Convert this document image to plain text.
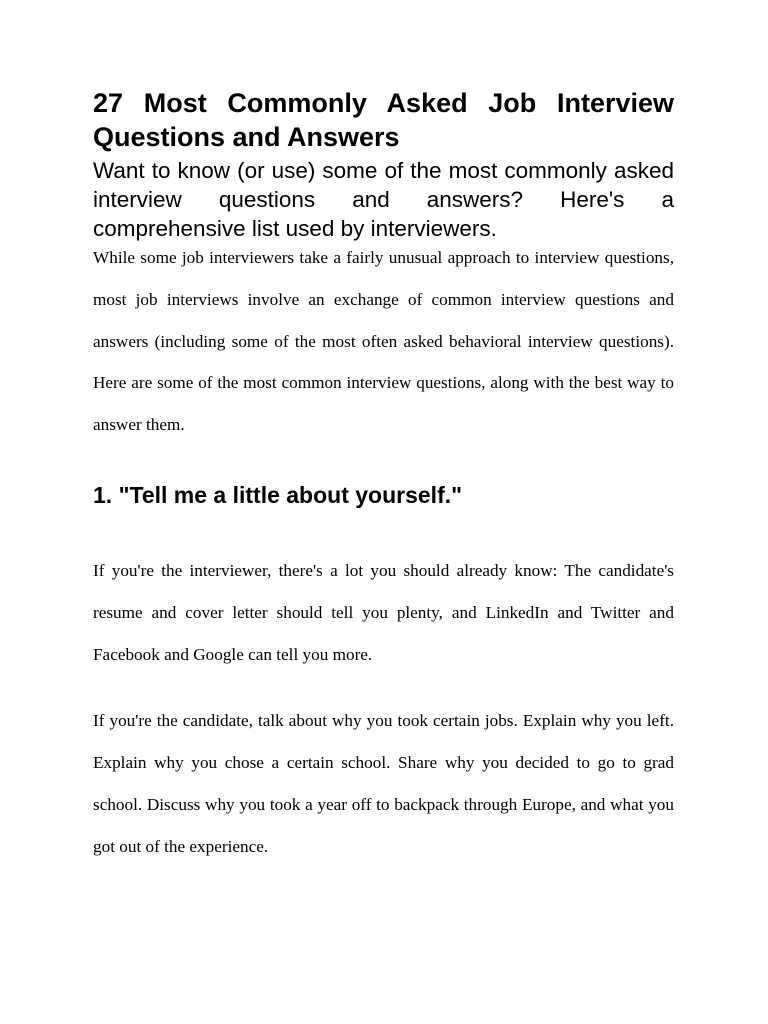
27 Most Commonly Asked Job Interview Questions and Answers

Want to know (or use) some of the most commonly asked interview questions and answers? Here's a comprehensive list used by interviewers.

While some job interviewers take a fairly unusual approach to interview questions, most job interviews involve an exchange of common interview questions and answers (including some of the most often asked behavioral interview questions). Here are some of the most common interview questions, along with the best way to answer them.

1. "Tell me a little about yourself."

If you're the interviewer, there's a lot you should already know: The candidate's resume and cover letter should tell you plenty, and LinkedIn and Twitter and Facebook and Google can tell you more.

If you're the candidate, talk about why you took certain jobs. Explain why you left. Explain why you chose a certain school. Share why you decided to go to grad school. Discuss why you took a year off to backpack through Europe, and what you got out of the experience.
